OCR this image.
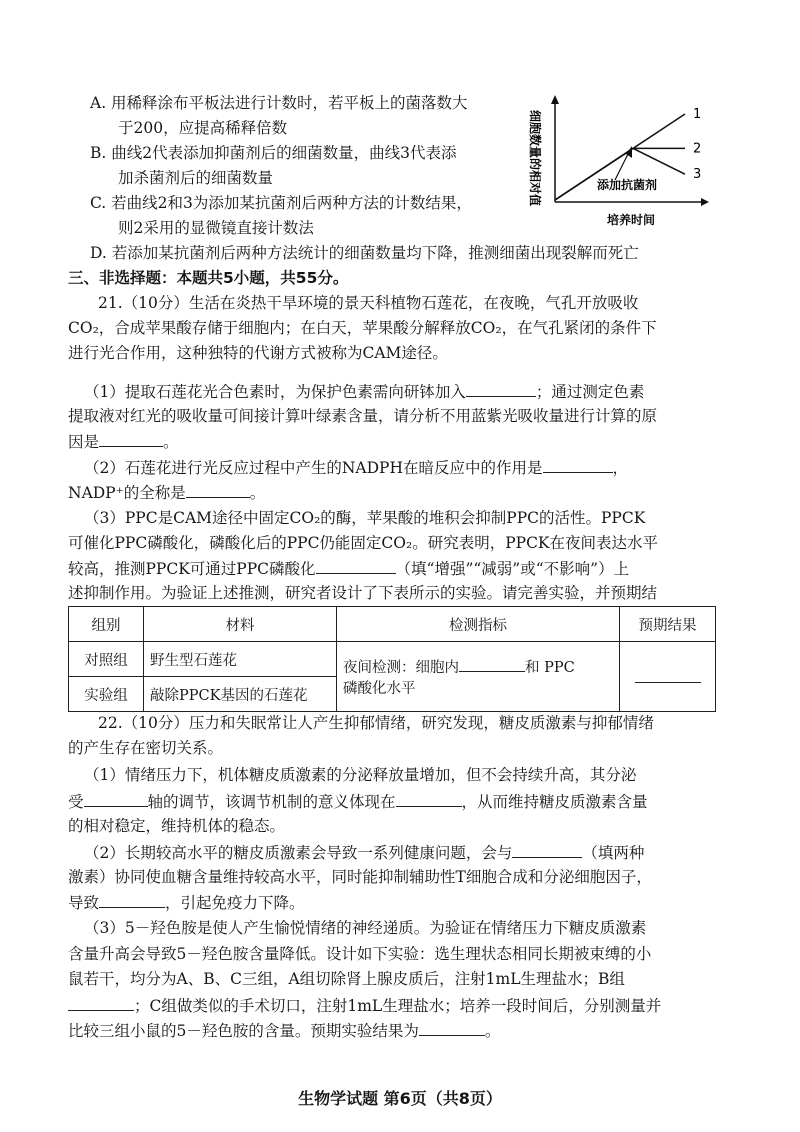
A. 用稀释涂布平板法进行计数时，若平板上的菌落数大
于200，应提高稀释倍数
B. 曲线2代表添加抑菌剂后的细菌数量，曲线3代表添
加杀菌剂后的细菌数量
C. 若曲线2和3为添加某抗菌剂后两种方法的计数结果，
则2采用的显微镜直接计数法
D. 若添加某抗菌剂后两种方法统计的细菌数量均下降，推测细菌出现裂解而死亡
1
2
3
添加抗菌剂
细胞数量的相对值
培养时间
三、非选择题：本题共5小题，共55分。
21.（10分）生活在炎热干旱环境的景天科植物石莲花，在夜晚，气孔开放吸收
CO₂，合成苹果酸存储于细胞内；在白天，苹果酸分解释放CO₂，在气孔紧闭的条件下
进行光合作用，这种独特的代谢方式被称为CAM途径。
（1）提取石莲花光合色素时，为保护色素需向研钵加入	；通过测定色素
提取液对红光的吸收量可间接计算叶绿素含量，请分析不用蓝紫光吸收量进行计算的原
因是	。
（2）石莲花进行光反应过程中产生的NADPH在暗反应中的作用是	，
NADP⁺的全称是	。
（3）PPC是CAM途径中固定CO₂的酶，苹果酸的堆积会抑制PPC的活性。PPCK
可催化PPC磷酸化，磷酸化后的PPC仍能固定CO₂。研究表明，PPCK在夜间表达水平
较高，推测PPCK可通过PPC磷酸化	（填“增强”“减弱”或“不影响”）上
述抑制作用。为验证上述推测，研究者设计了下表所示的实验。请完善实验，并预期结
组别	材料	检测指标	预期结果
对照组	野生型石莲花	夜间检测：细胞内 和 PPC
磷酸化水平	
实验组	敲除PPCK基因的石莲花		
22.（10分）压力和失眠常让人产生抑郁情绪，研究发现，糖皮质激素与抑郁情绪
的产生存在密切关系。
（1）情绪压力下，机体糖皮质激素的分泌释放量增加，但不会持续升高，其分泌
受	轴的调节，该调节机制的意义体现在	，从而维持糖皮质激素含量
的相对稳定，维持机体的稳态。
（2）长期较高水平的糖皮质激素会导致一系列健康问题，会与	（填两种
激素）协同使血糖含量维持较高水平，同时能抑制辅助性T细胞合成和分泌细胞因子，
导致	，引起免疫力下降。
（3）5－羟色胺是使人产生愉悦情绪的神经递质。为验证在情绪压力下糖皮质激素
含量升高会导致5－羟色胺含量降低。设计如下实验：选生理状态相同长期被束缚的小
鼠若干，均分为A、B、C三组，A组切除肾上腺皮质后，注射1mL生理盐水；B组
；C组做类似的手术切口，注射1mL生理盐水；培养一段时间后，分别测量并
比较三组小鼠的5－羟色胺的含量。预期实验结果为	。
生物学试题 第6页（共8页）
